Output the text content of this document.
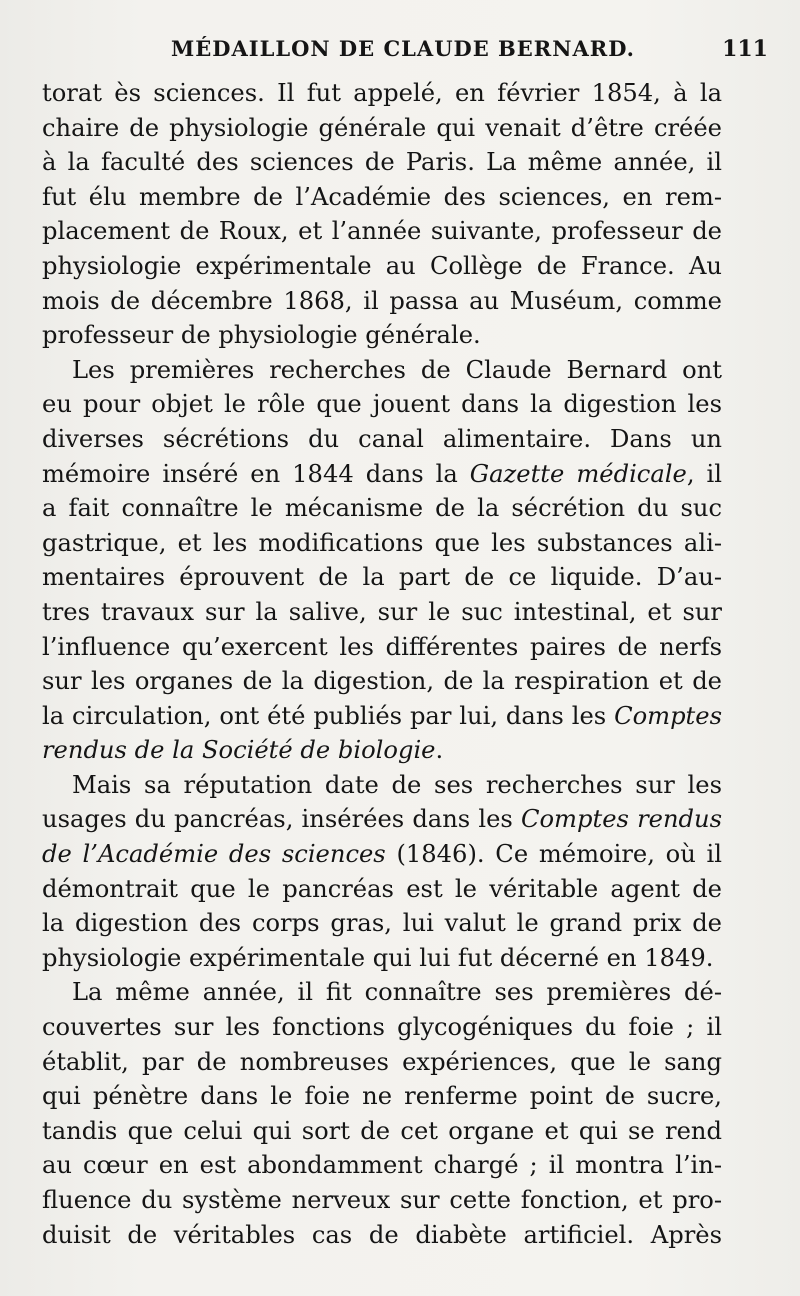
MÉDAILLON DE CLAUDE BERNARD.	111
torat ès sciences. Il fut appelé, en février 1854, à la
chaire de physiologie générale qui venait d’être créée
à la faculté des sciences de Paris. La même année, il
fut élu membre de l’Académie des sciences, en rem-
placement de Roux, et l’année suivante, professeur de
physiologie expérimentale au Collège de France. Au
mois de décembre 1868, il passa au Muséum, comme
professeur de physiologie générale.
Les premières recherches de Claude Bernard ont
eu pour objet le rôle que jouent dans la digestion les
diverses sécrétions du canal alimentaire. Dans un
mémoire inséré en 1844 dans la Gazette médicale, il
a fait connaître le mécanisme de la sécrétion du suc
gastrique, et les modifications que les substances ali-
mentaires éprouvent de la part de ce liquide. D’au-
tres travaux sur la salive, sur le suc intestinal, et sur
l’influence qu’exercent les différentes paires de nerfs
sur les organes de la digestion, de la respiration et de
la circulation, ont été publiés par lui, dans les Comptes
rendus de la Société de biologie.
Mais sa réputation date de ses recherches sur les
usages du pancréas, insérées dans les Comptes rendus
de l’Académie des sciences (1846). Ce mémoire, où il
démontrait que le pancréas est le véritable agent de
la digestion des corps gras, lui valut le grand prix de
physiologie expérimentale qui lui fut décerné en 1849.
La même année, il fit connaître ses premières dé-
couvertes sur les fonctions glycogéniques du foie ; il
établit, par de nombreuses expériences, que le sang
qui pénètre dans le foie ne renferme point de sucre,
tandis que celui qui sort de cet organe et qui se rend
au cœur en est abondamment chargé ; il montra l’in-
fluence du système nerveux sur cette fonction, et pro-
duisit de véritables cas de diabète artificiel. Après
